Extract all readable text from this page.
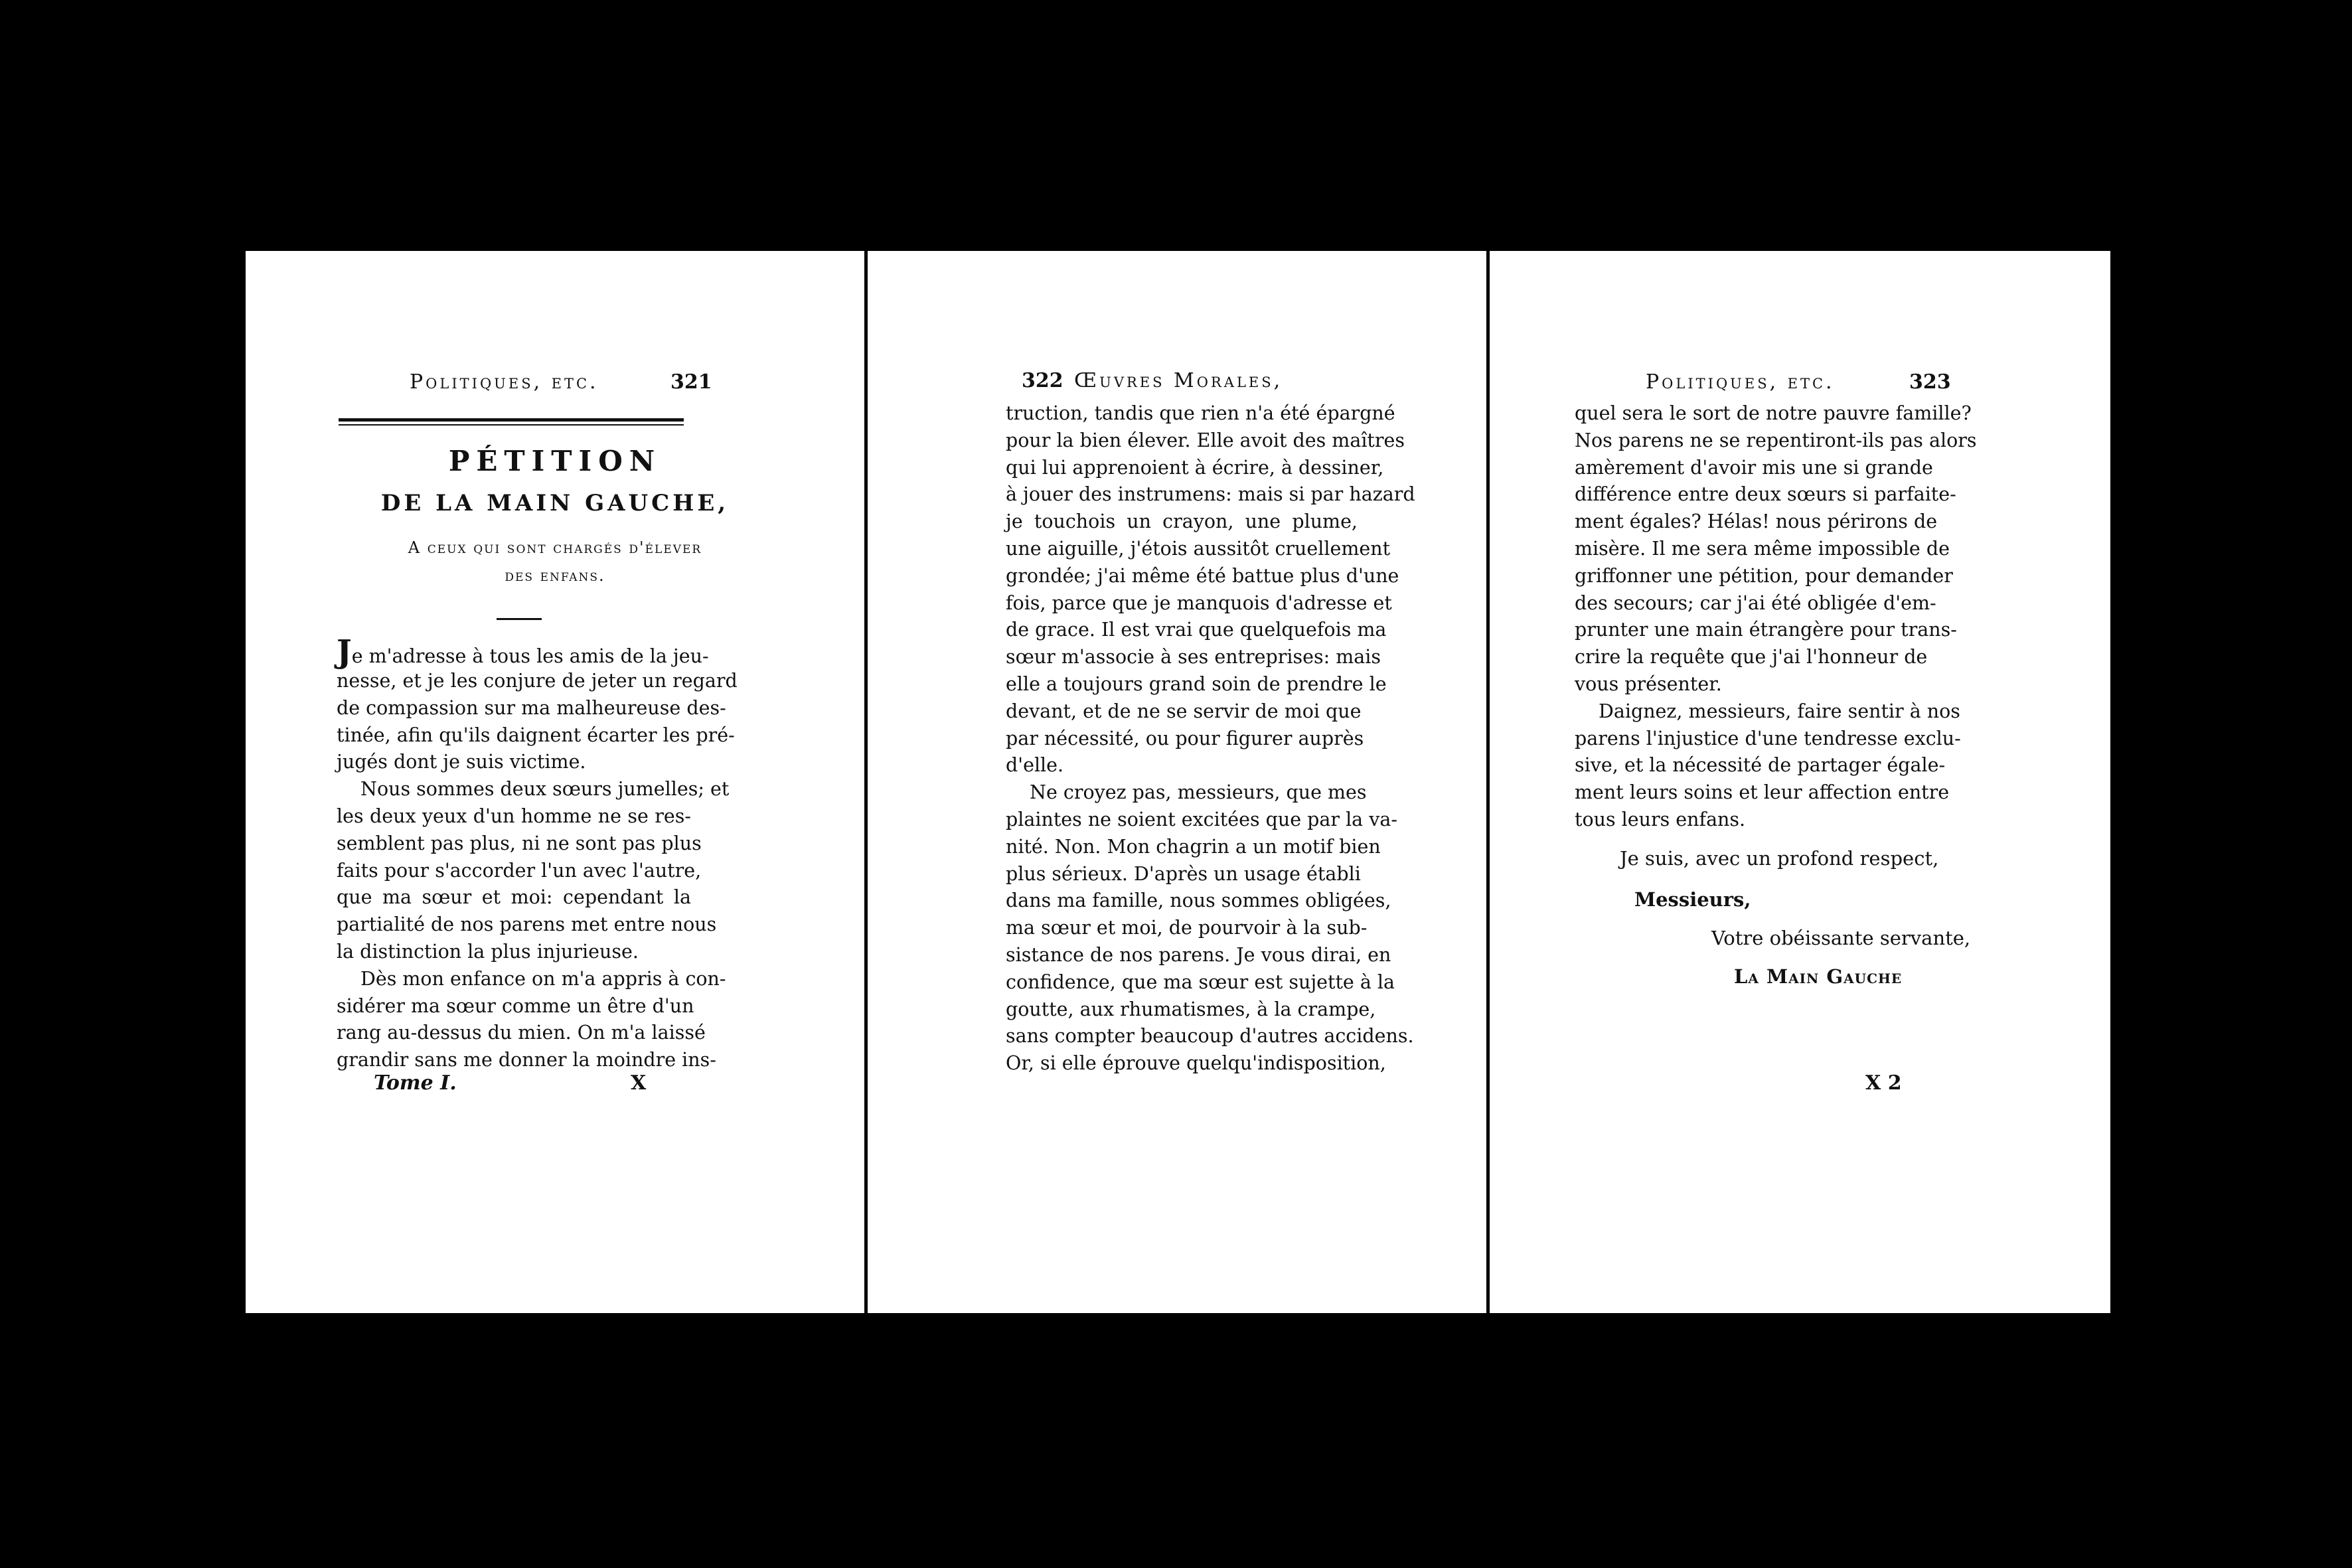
Politiques, etc.	321
PÉTITION
DE LA MAIN GAUCHE,
A ceux qui sont chargés d'élever
des enfans.
Je m'adresse à tous les amis de la jeu-
nesse, et je les conjure de jeter un regard
de compassion sur ma malheureuse des-
tinée, afin qu'ils daignent écarter les pré-
jugés dont je suis victime.
Nous sommes deux sœurs jumelles; et
les deux yeux d'un homme ne se res-
semblent pas plus, ni ne sont pas plus
faits pour s'accorder l'un avec l'autre,
que ma sœur et moi: cependant la
partialité de nos parens met entre nous
la distinction la plus injurieuse.
Dès mon enfance on m'a appris à con-
sidérer ma sœur comme un être d'un
rang au-dessus du mien. On m'a laissé
grandir sans me donner la moindre ins-
Tome I.	X
322 Œuvres Morales,
truction, tandis que rien n'a été épargné
pour la bien élever. Elle avoit des maîtres
qui lui apprenoient à écrire, à dessiner,
à jouer des instrumens: mais si par hazard
je touchois un crayon, une plume,
une aiguille, j'étois aussitôt cruellement
grondée; j'ai même été battue plus d'une
fois, parce que je manquois d'adresse et
de grace. Il est vrai que quelquefois ma
sœur m'associe à ses entreprises: mais
elle a toujours grand soin de prendre le
devant, et de ne se servir de moi que
par nécessité, ou pour figurer auprès
d'elle.
Ne croyez pas, messieurs, que mes
plaintes ne soient excitées que par la va-
nité. Non. Mon chagrin a un motif bien
plus sérieux. D'après un usage établi
dans ma famille, nous sommes obligées,
ma sœur et moi, de pourvoir à la sub-
sistance de nos parens. Je vous dirai, en
confidence, que ma sœur est sujette à la
goutte, aux rhumatismes, à la crampe,
sans compter beaucoup d'autres accidens.
Or, si elle éprouve quelqu'indisposition,
Politiques, etc.	323
quel sera le sort de notre pauvre famille?
Nos parens ne se repentiront-ils pas alors
amèrement d'avoir mis une si grande
différence entre deux sœurs si parfaite-
ment égales? Hélas! nous périrons de
misère. Il me sera même impossible de
griffonner une pétition, pour demander
des secours; car j'ai été obligée d'em-
prunter une main étrangère pour trans-
crire la requête que j'ai l'honneur de
vous présenter.
Daignez, messieurs, faire sentir à nos
parens l'injustice d'une tendresse exclu-
sive, et la nécessité de partager égale-
ment leurs soins et leur affection entre
tous leurs enfans.
Je suis, avec un profond respect,
Messieurs,
Votre obéissante servante,
La Main Gauche
X 2
